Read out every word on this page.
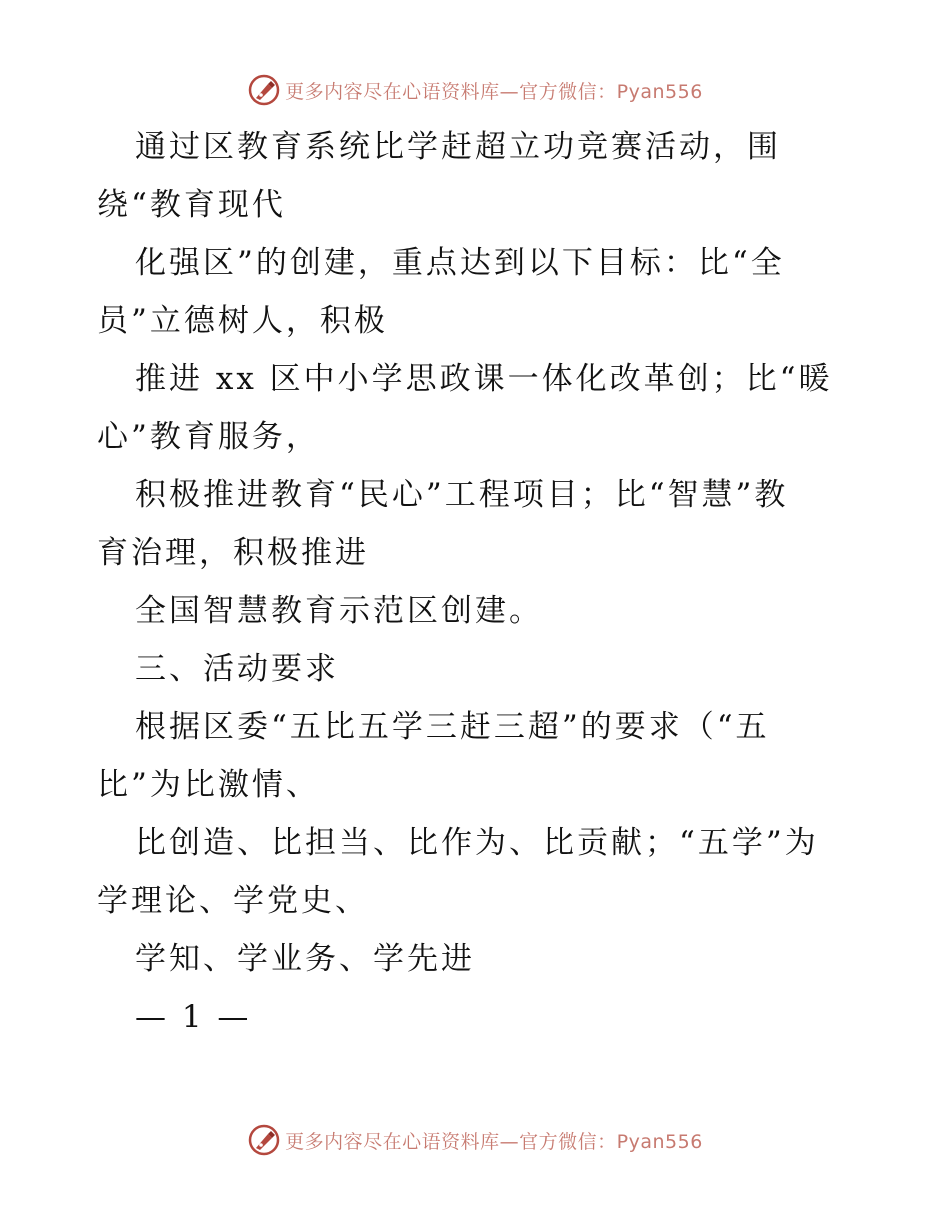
更多内容尽在心语资料库—官方微信：Pyan556
通过区教育系统比学赶超立功竞赛活动，围
绕“教育现代
化强区”的创建，重点达到以下目标：比“全
员”立德树人，积极
推进 xx 区中小学思政课一体化改革创；比“暖
心”教育服务，
积极推进教育“民心”工程项目；比“智慧”教
育治理，积极推进
全国智慧教育示范区创建。
三、活动要求
根据区委“五比五学三赶三超”的要求（“五
比”为比激情、
比创造、比担当、比作为、比贡献；“五学”为
学理论、学党史、
学知、学业务、学先进
— 1 —
更多内容尽在心语资料库—官方微信：Pyan556
